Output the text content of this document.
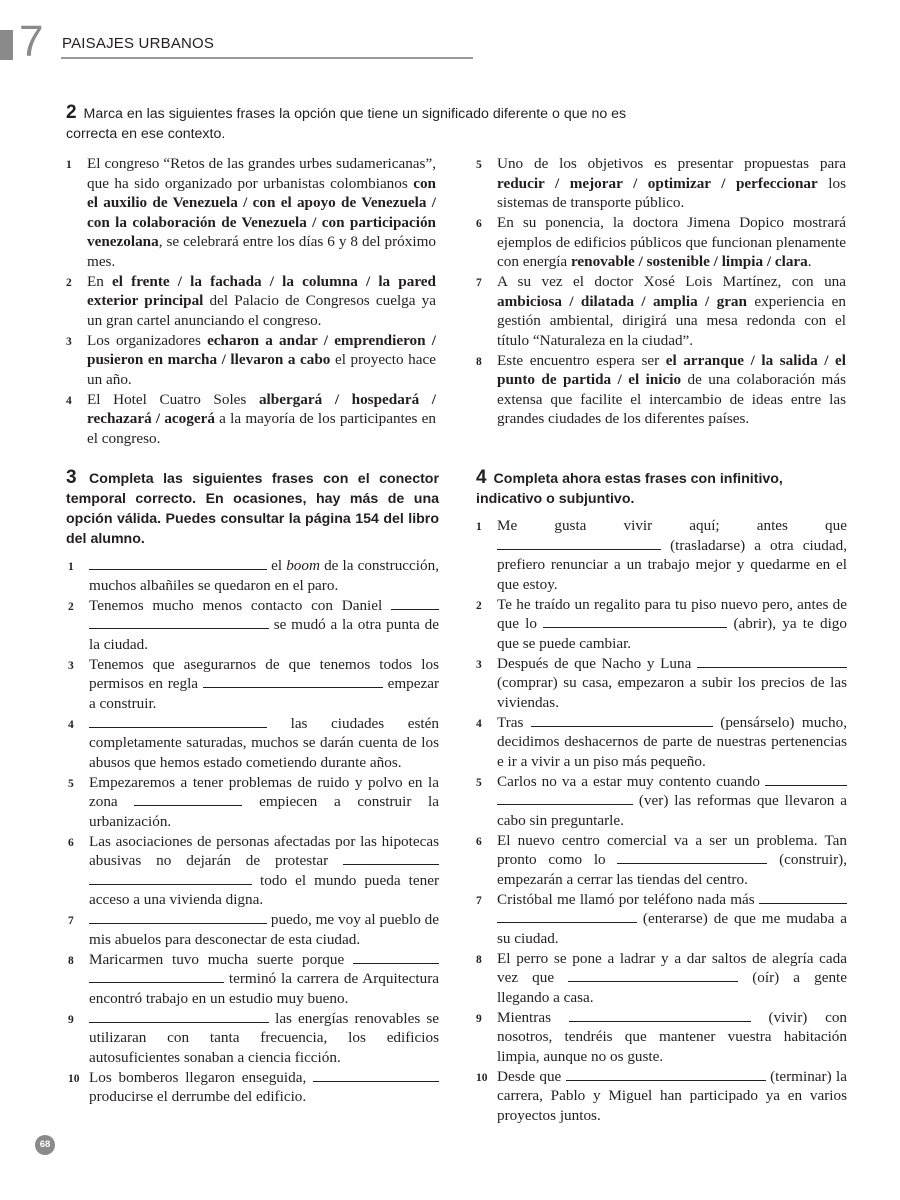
7 PAISAJES URBANOS
2 Marca en las siguientes frases la opción que tiene un significado diferente o que no es correcta en ese contexto.
1 El congreso “Retos de las grandes urbes sudamericanas”, que ha sido organizado por urbanistas colombianos con el auxilio de Venezuela / con el apoyo de Venezuela / con la colaboración de Venezuela / con participación venezolana, se celebrará entre los días 6 y 8 del próximo mes.
2 En el frente / la fachada / la columna / la pared exterior principal del Palacio de Congresos cuelga ya un gran cartel anunciando el congreso.
3 Los organizadores echaron a andar / emprendieron / pusieron en marcha / llevaron a cabo el proyecto hace un año.
4 El Hotel Cuatro Soles albergará / hospedará / rechazará / acogerá a la mayoría de los participantes en el congreso.
5 Uno de los objetivos es presentar propuestas para reducir / mejorar / optimizar / perfeccionar los sistemas de transporte público.
6 En su ponencia, la doctora Jimena Dopico mostrará ejemplos de edificios públicos que funcionan plenamente con energía renovable / sostenible / limpia / clara.
7 A su vez el doctor Xosé Lois Martínez, con una ambiciosa / dilatada / amplia / gran experiencia en gestión ambiental, dirigirá una mesa redonda con el título “Naturaleza en la ciudad”.
8 Este encuentro espera ser el arranque / la salida / el punto de partida / el inicio de una colaboración más extensa que facilite el intercambio de ideas entre las grandes ciudades de los diferentes países.
3 Completa las siguientes frases con el conector temporal correcto. En ocasiones, hay más de una opción válida. Puedes consultar la página 154 del libro del alumno.
1	el boom de la construcción, muchos albañiles se quedaron en el paro.
2 Tenemos mucho menos contacto con Daniel   se mudó a la otra punta de la ciudad.
3 Tenemos que asegurarnos de que tenemos todos los permisos en regla	empezar a construir.
4	las ciudades estén completamente saturadas, muchos se darán cuenta de los abusos que hemos estado cometiendo durante años.
5 Empezaremos a tener problemas de ruido y polvo en la zona	empiecen a construir la urbanización.
6 Las asociaciones de personas afectadas por las hipotecas abusivas no dejarán de protestar   todo el mundo pueda tener acceso a una vivienda digna.
7	puedo, me voy al pueblo de mis abuelos para desconectar de esta ciudad.
8 Maricarmen tuvo mucha suerte porque   terminó la carrera de Arquitectura encontró trabajo en un estudio muy bueno.
9	las energías renovables se utilizaran con tanta frecuencia, los edificios autosuficientes sonaban a ciencia ficción.
10 Los bomberos llegaron enseguida,  producirse el derrumbe del edificio.
4 Completa ahora estas frases con infinitivo, indicativo o subjuntivo.
1 Me gusta vivir aquí; antes que  (trasladarse) a otra ciudad, prefiero renunciar a un trabajo mejor y quedarme en el que estoy.
2 Te he traído un regalito para tu piso nuevo pero, antes de que lo	(abrir), ya te digo que se puede cambiar.
3 Después de que Nacho y Luna  (comprar) su casa, empezaron a subir los precios de las viviendas.
4 Tras	(pensárselo) mucho, decidimos deshacernos de parte de nuestras pertenencias e ir a vivir a un piso más pequeño.
5 Carlos no va a estar muy contento cuando   (ver) las reformas que llevaron a cabo sin preguntarle.
6 El nuevo centro comercial va a ser un problema. Tan pronto como lo	(construir), empezarán a cerrar las tiendas del centro.
7 Cristóbal me llamó por teléfono nada más   (enterarse) de que me mudaba a su ciudad.
8 El perro se pone a ladrar y a dar saltos de alegría cada vez que	(oír) a gente llegando a casa.
9 Mientras	(vivir) con nosotros, tendréis que mantener vuestra habitación limpia, aunque no os guste.
10 Desde que	(terminar) la carrera, Pablo y Miguel han participado ya en varios proyectos juntos.
68
